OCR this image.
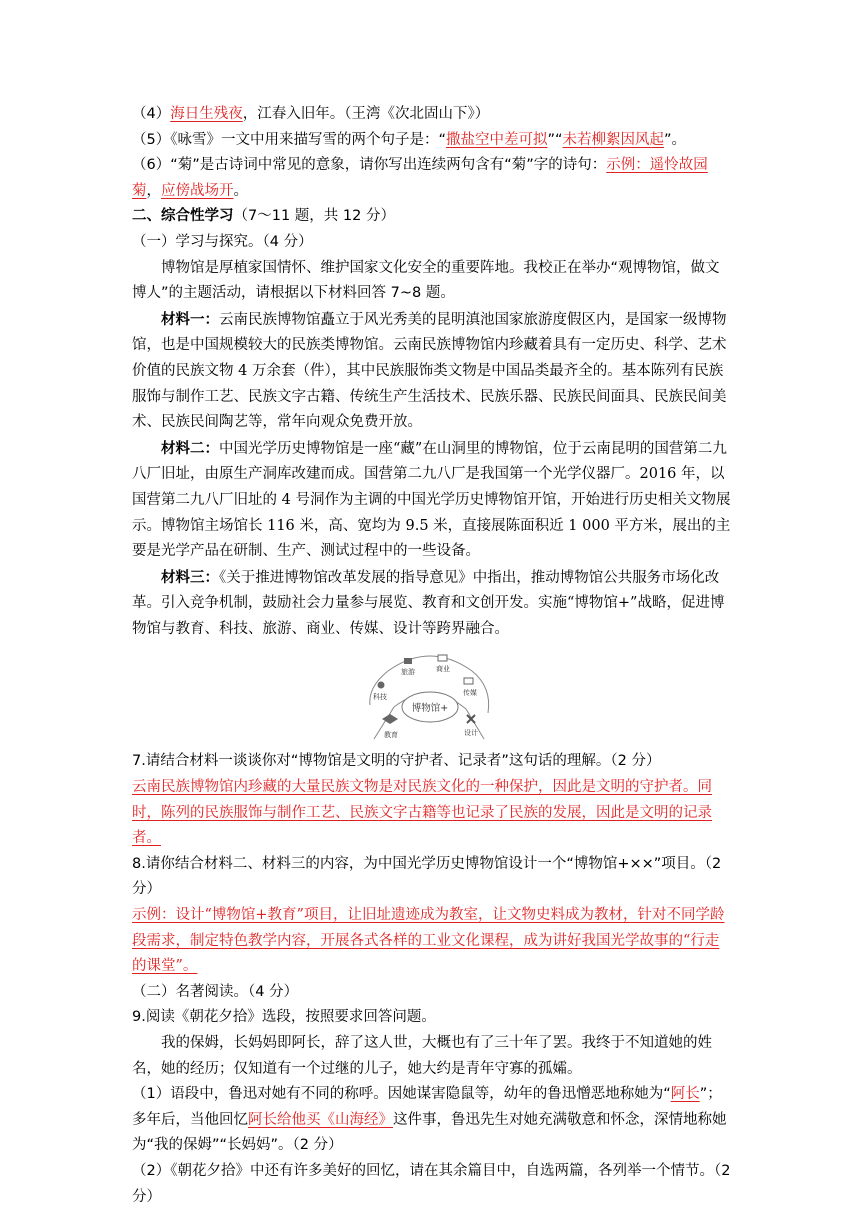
（4）海日生残夜，江春入旧年。（王湾《次北固山下》）

（5）《咏雪》一文中用来描写雪的两个句子是：“撒盐空中差可拟”“未若柳絮因风起”。

（6）“菊”是古诗词中常见的意象，请你写出连续两句含有“菊”字的诗句：示例：遥怜故园菊，应傍战场开。

二、综合性学习（7～11 题，共 12 分）

（一）学习与探究。（4 分）

博物馆是厚植家国情怀、维护国家文化安全的重要阵地。我校正在举办“观博物馆，做文博人”的主题活动，请根据以下材料回答 7~8 题。

材料一：云南民族博物馆矗立于风光秀美的昆明滇池国家旅游度假区内，是国家一级博物馆，也是中国规模较大的民族类博物馆。云南民族博物馆内珍藏着具有一定历史、科学、艺术价值的民族文物 4 万余套（件），其中民族服饰类文物是中国品类最齐全的。基本陈列有民族服饰与制作工艺、民族文字古籍、传统生产生活技术、民族乐器、民族民间面具、民族民间美术、民族民间陶艺等，常年向观众免费开放。

材料二：中国光学历史博物馆是一座“藏”在山洞里的博物馆，位于云南昆明的国营第二九八厂旧址，由原生产洞库改建而成。国营第二九八厂是我国第一个光学仪器厂。2016 年，以国营第二九八厂旧址的 4 号洞作为主调的中国光学历史博物馆开馆，开始进行历史相关文物展示。博物馆主场馆长 116 米，高、宽均为 9.5 米，直接展陈面积近 1 000 平方米，展出的主要是光学产品在研制、生产、测试过程中的一些设备。

材料三：《关于推进博物馆改革发展的指导意见》中指出，推动博物馆公共服务市场化改革。引入竞争机制，鼓励社会力量参与展览、教育和文创开发。实施“博物馆+”战略，促进博物馆与教育、科技、旅游、商业、传媒、设计等跨界融合。

博物馆+
科技
旅游	商业
传媒
设计
教育

7.请结合材料一谈谈你对“博物馆是文明的守护者、记录者”这句话的理解。（2 分）

云南民族博物馆内珍藏的大量民族文物是对民族文化的一种保护，因此是文明的守护者。同时，陈列的民族服饰与制作工艺、民族文字古籍等也记录了民族的发展，因此是文明的记录者。

8.请你结合材料二、材料三的内容，为中国光学历史博物馆设计一个“博物馆+××”项目。（2 分）

示例：设计“博物馆+教育”项目，让旧址遗迹成为教室，让文物史料成为教材，针对不同学龄段需求，制定特色教学内容，开展各式各样的工业文化课程，成为讲好我国光学故事的“行走的课堂”。

（二）名著阅读。（4 分）

9.阅读《朝花夕拾》选段，按照要求回答问题。

我的保姆，长妈妈即阿长，辞了这人世，大概也有了三十年了罢。我终于不知道她的姓名，她的经历；仅知道有一个过继的儿子，她大约是青年守寡的孤孀。

（1）语段中，鲁迅对她有不同的称呼。因她谋害隐鼠等，幼年的鲁迅憎恶地称她为“阿长”；多年后，当他回忆阿长给他买《山海经》这件事，鲁迅先生对她充满敬意和怀念，深情地称她为“我的保姆”“长妈妈”。（2 分）

（2）《朝花夕拾》中还有许多美好的回忆，请在其余篇目中，自选两篇，各列举一个情节。（2 分）
